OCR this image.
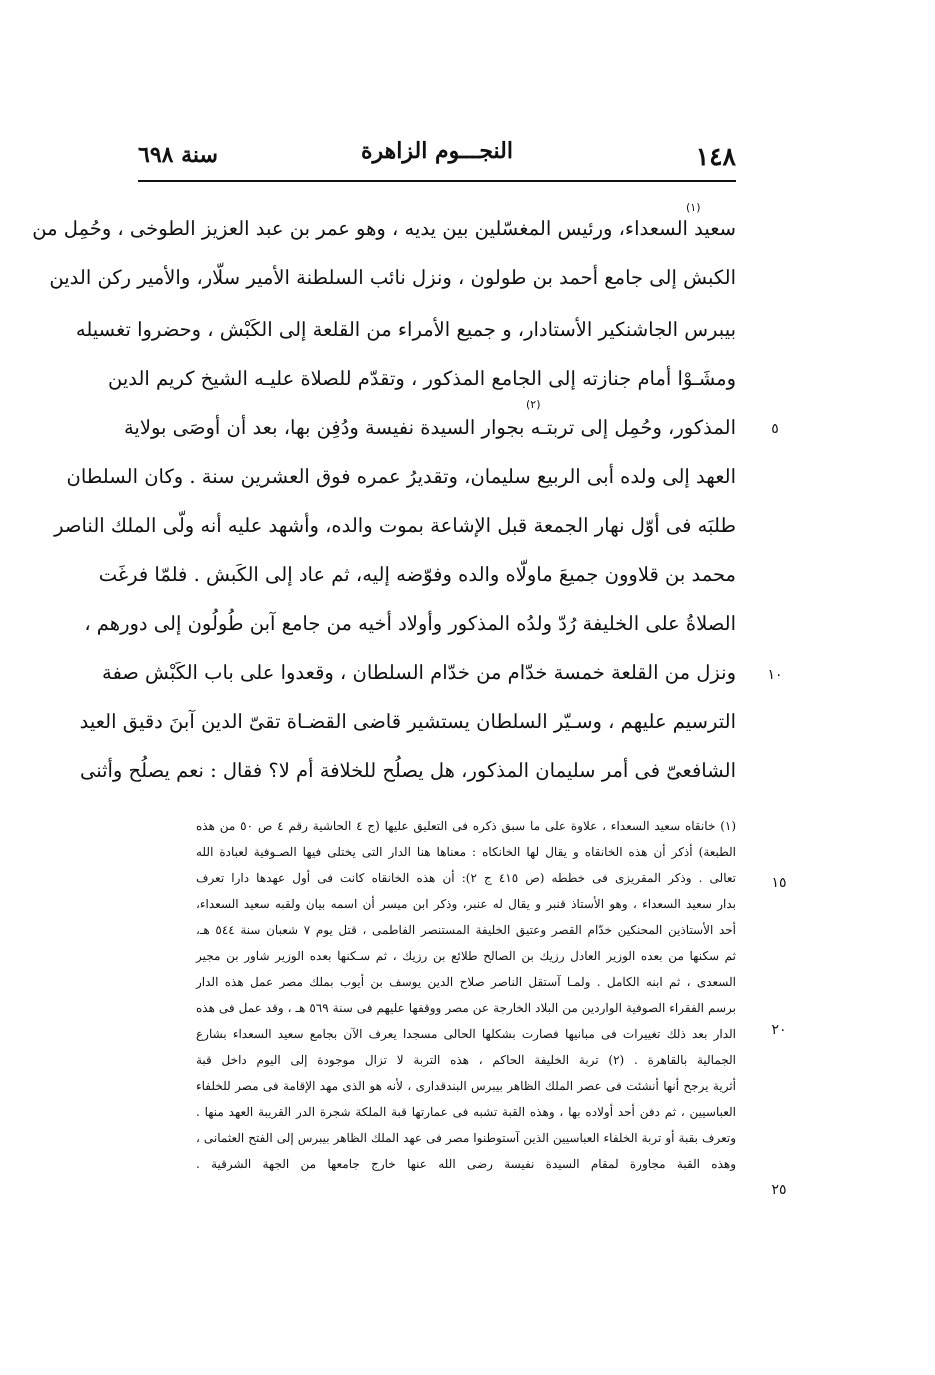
١٤٨
النجـــوم الزاهرة
سنة ٦٩٨
(١)
(٢)
سعيد السعداء، ورئيس المغسّلين بين يديه ، وهو عمر بن عبد العزيز الطوخى ، وحُمِل من
الكبش إلى جامع أحمد بن طولون ، ونزل نائب السلطنة الأمير سلّار، والأمير ركن الدين
بيبرس الجاشنكير الأستادار، و جميع الأمراء من القلعة إلى الكَبْش ، وحضروا تغسيله
ومشَـوْا أمام جنازته إلى الجامع المذكور ، وتقدّم للصلاة عليـه الشيخ كريم الدين
المذكور، وحُمِل إلى تربتـه بجوار السيدة نفيسة ودُفِن بها، بعد أن أوصَى بولاية
العهد إلى ولده أبى الربيع سليمان، وتقديرُ عمره فوق العشرين سنة . وكان السلطان
طلبَه فى أوّل نهار الجمعة قبل الإشاعة بموت والده، وأشهد عليه أنه ولّى الملك الناصر
محمد بن قلاوون جميعَ ماولّاه والده وفوّضه إليه، ثم عاد إلى الكَبش . فلمّا فرغَت
الصلاةُ على الخليفة رُدّ ولدُه المذكور وأولاد أخيه من جامع آبن طُولُون إلى دورهم ،
ونزل من القلعة خمسة خدّام من خدّام السلطان ، وقعدوا على باب الكَبْش صفة
الترسيم عليهم ، وسـيّر السلطان يستشير قاضى القضـاة تقىّ الدين آبنَ دقيق العيد
الشافعىّ فى أمر سليمان المذكور، هل يصلُح للخلافة أم لا؟ فقال : نعم يصلُح وأثنى
٥
١٠
١٥
٢٠
٢٥
(١) خانقاه سعيد السعداء ، علاوة على ما سبق ذكره فى التعليق عليها (ج ٤ الحاشية رقم ٤ ص ٥٠ من هذه
الطبعة) أذكر أن هذه الخانقاه و يقال لها الخانكاه : معناها هنا الدار التى يختلى فيها الصـوفية لعبادة الله
تعالى . وذكر المقريزى فى خططه (ص ٤١٥ ج ٢): أن هذه الخانقاه كانت فى أول عهدها دارا تعرف
بدار سعيد السعداء ، وهو الأستاذ قنبر و يقال له عنبر، وذكر ابن ميسر أن اسمه بيان ولقبه سعيد السعداء،
أحد الأستاذين المحنكين خدّام القصر وعتيق الخليفة المستنصر الفاطمى ، قتل يوم ٧ شعبان سنة ٥٤٤ هـ،
ثم سكنها من بعده الوزير العادل رزيك بن الصالح طلائع بن رزيك ، ثم سـكنها بعده الوزير شاور بن مجير
السعدى ، ثم ابنه الكامل . ولمـا آستقل الناصر صلاح الدين يوسف بن أيوب بملك مصر عمل هذه الدار
برسم الفقراء الصوفية الواردين من البلاد الخارجة عن مصر ووقفها عليهم فى سنة ٥٦٩ هـ ، وقد عمل فى هذه
الدار بعد ذلك تغييرات فى مبانيها فصارت بشكلها الحالى مسجدا يعرف الآن بجامع سعيد السعداء بشارع
الجمالية بالقاهرة . (٢) تربة الخليفة الحاكم ، هذه التربة لا تزال موجودة إلى اليوم داخل قبة
أثرية يرجح أنها أنشئت فى عصر الملك الظاهر بيبرس البندقدارى ، لأنه هو الذى مهد الإقامة فى مصر للخلفاء
العباسيين ، ثم دفن أحد أولاده بها ، وهذه القبة تشبه فى عمارتها قبة الملكة شجرة الدر القريبة العهد منها .
وتعرف بقبة أو تربة الخلفاء العباسيين الذين آستوطنوا مصر فى عهد الملك الظاهر بيبرس إلى الفتح العثمانى ،
وهذه القبة مجاورة لمقام السيدة نفيسة رضى الله عنها خارج جامعها من الجهة الشرقية .
